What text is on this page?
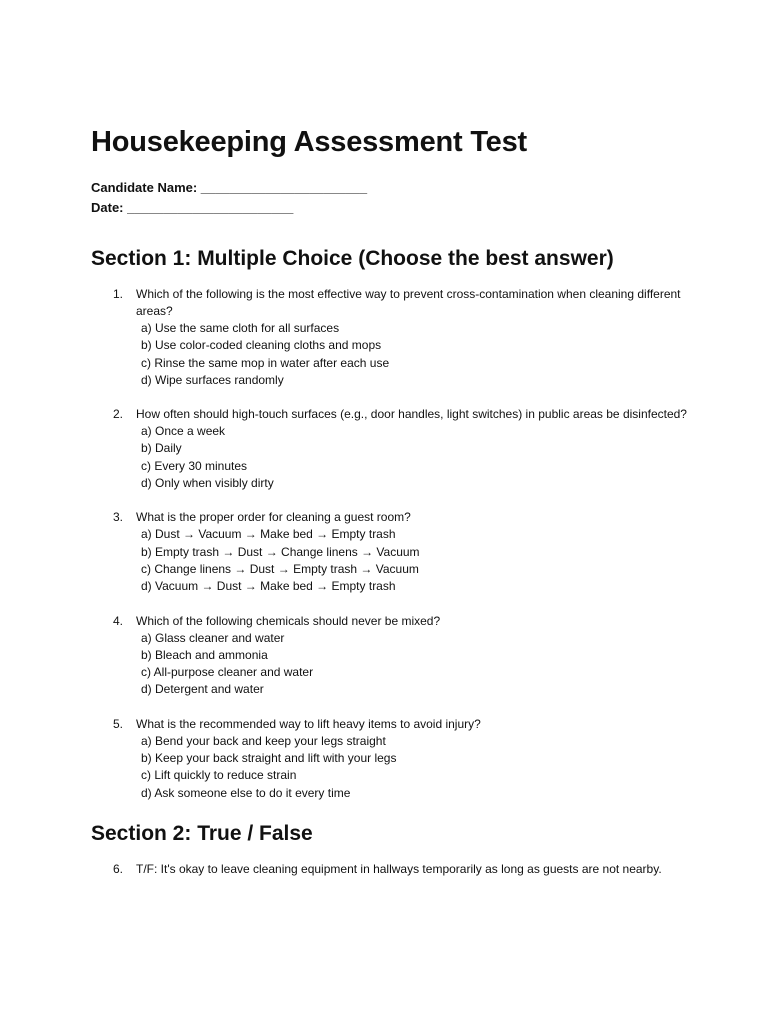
Housekeeping Assessment Test
Candidate Name: _______________________
Date: _______________________
Section 1: Multiple Choice (Choose the best answer)
1. Which of the following is the most effective way to prevent cross-contamination when cleaning different areas?
a) Use the same cloth for all surfaces
b) Use color-coded cleaning cloths and mops
c) Rinse the same mop in water after each use
d) Wipe surfaces randomly
2. How often should high-touch surfaces (e.g., door handles, light switches) in public areas be disinfected?
a) Once a week
b) Daily
c) Every 30 minutes
d) Only when visibly dirty
3. What is the proper order for cleaning a guest room?
a) Dust → Vacuum → Make bed → Empty trash
b) Empty trash → Dust → Change linens → Vacuum
c) Change linens → Dust → Empty trash → Vacuum
d) Vacuum → Dust → Make bed → Empty trash
4. Which of the following chemicals should never be mixed?
a) Glass cleaner and water
b) Bleach and ammonia
c) All-purpose cleaner and water
d) Detergent and water
5. What is the recommended way to lift heavy items to avoid injury?
a) Bend your back and keep your legs straight
b) Keep your back straight and lift with your legs
c) Lift quickly to reduce strain
d) Ask someone else to do it every time
Section 2: True / False
6. T/F: It's okay to leave cleaning equipment in hallways temporarily as long as guests are not nearby.
